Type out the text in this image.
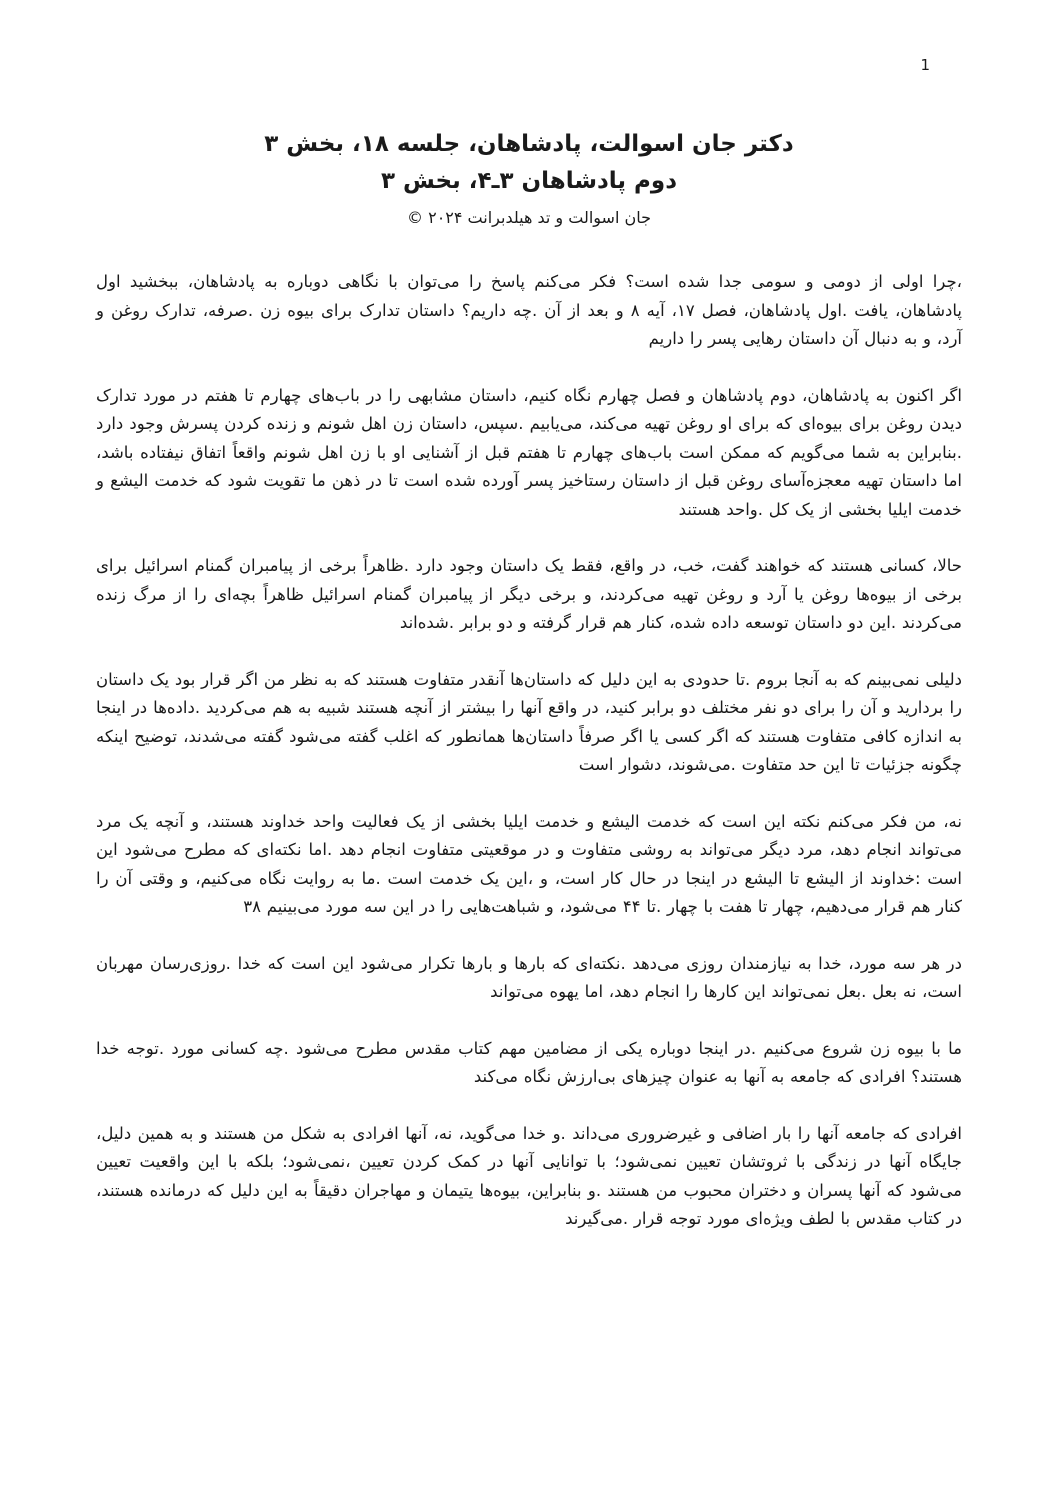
1
دکتر جان اسوالت، پادشاهان، جلسه ۱۸، بخش ۳
دوم پادشاهان ۳ـ۴، بخش ۳
جان اسوالت و تد هیلدبرانت ۲۰۲۴ ©

،چرا اولی از دومی و سومی جدا شده است؟ فکر می‌کنم پاسخ را می‌توان با نگاهی دوباره به پادشاهان، ببخشید اول پادشاهان، یافت .اول پادشاهان، فصل ۱۷، آیه ۸ و بعد از آن .چه داریم؟ داستان تدارک برای بیوه زن .صرفه، تدارک روغن و آرد، و به دنبال آن داستان رهایی پسر را داریم

اگر اکنون به پادشاهان، دوم پادشاهان و فصل چهارم نگاه کنیم، داستان مشابهی را در باب‌های چهارم تا هفتم در مورد تدارک دیدن روغن برای بیوه‌ای که برای او روغن تهیه می‌کند، می‌یابیم .سپس، داستان زن اهل شونم و زنده کردن پسرش وجود دارد .بنابراین به شما می‌گویم که ممکن است باب‌های چهارم تا هفتم قبل از آشنایی او با زن اهل شونم واقعاً اتفاق نیفتاده باشد، اما داستان تهیه معجزه‌آسای روغن قبل از داستان رستاخیز پسر آورده شده است تا در ذهن ما تقویت شود که خدمت الیشع و خدمت ایلیا بخشی از یک کل .واحد هستند

حالا، کسانی هستند که خواهند گفت، خب، در واقع، فقط یک داستان وجود دارد .ظاهراً برخی از پیامبران گمنام اسرائیل برای برخی از بیوه‌ها روغن یا آرد و روغن تهیه می‌کردند، و برخی دیگر از پیامبران گمنام اسرائیل ظاهراً بچه‌ای را از مرگ زنده می‌کردند .این دو داستان توسعه داده شده، کنار هم قرار گرفته و دو برابر .شده‌اند

دلیلی نمی‌بینم که به آنجا بروم .تا حدودی به این دلیل که داستان‌ها آنقدر متفاوت هستند که به نظر من اگر قرار بود یک داستان را بردارید و آن را برای دو نفر مختلف دو برابر کنید، در واقع آنها را بیشتر از آنچه هستند شبیه به هم می‌کردید .داده‌ها در اینجا به اندازه کافی متفاوت هستند که اگر کسی یا اگر صرفاً داستان‌ها همانطور که اغلب گفته می‌شود گفته می‌شدند، توضیح اینکه چگونه جزئیات تا این حد متفاوت .می‌شوند، دشوار است

نه، من فکر می‌کنم نکته این است که خدمت الیشع و خدمت ایلیا بخشی از یک فعالیت واحد خداوند هستند، و آنچه یک مرد می‌تواند انجام دهد، مرد دیگر می‌تواند به روشی متفاوت و در موقعیتی متفاوت انجام دهد .اما نکته‌ای که مطرح می‌شود این است :خداوند از الیشع تا الیشع در اینجا در حال کار است، و ،این یک خدمت است .ما به روایت نگاه می‌کنیم، و وقتی آن را کنار هم قرار می‌دهیم، چهار تا هفت با چهار .تا ۴۴ می‌شود، و شباهت‌هایی را در این سه مورد می‌بینیم ۳۸

در هر سه مورد، خدا به نیازمندان روزی می‌دهد .نکته‌ای که بارها و بارها تکرار می‌شود این است که خدا .روزی‌رسان مهربان است، نه بعل .بعل نمی‌تواند این کارها را انجام دهد، اما یهوه می‌تواند

ما با بیوه زن شروع می‌کنیم .در اینجا دوباره یکی از مضامین مهم کتاب مقدس مطرح می‌شود .چه کسانی مورد .توجه خدا هستند؟ افرادی که جامعه به آنها به عنوان چیزهای بی‌ارزش نگاه می‌کند

افرادی که جامعه آنها را بار اضافی و غیرضروری می‌داند .و خدا می‌گوید، نه، آنها افرادی به شکل من هستند و به همین دلیل، جایگاه آنها در زندگی با ثروتشان تعیین نمی‌شود؛ با توانایی آنها در کمک کردن تعیین ،نمی‌شود؛ بلکه با این واقعیت تعیین می‌شود که آنها پسران و دختران محبوب من هستند .و بنابراین، بیوه‌ها یتیمان و مهاجران دقیقاً به این دلیل که درمانده هستند، در کتاب مقدس با لطف ویژه‌ای مورد توجه قرار .می‌گیرند
